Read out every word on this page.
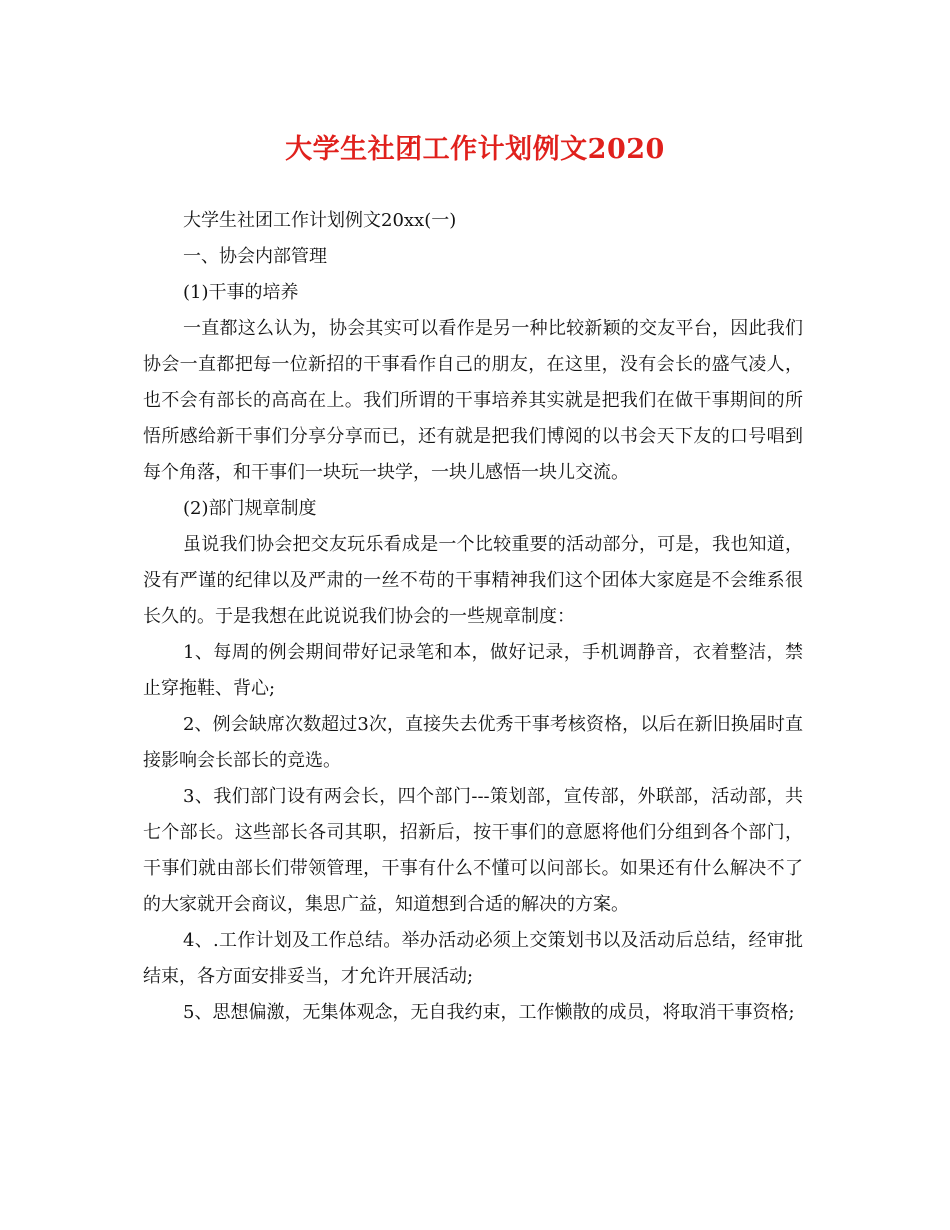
大学生社团工作计划例文2020

大学生社团工作计划例文20xx(一)

一、协会内部管理

(1)干事的培养

一直都这么认为，协会其实可以看作是另一种比较新颖的交友平台，因此我们协会一直都把每一位新招的干事看作自己的朋友，在这里，没有会长的盛气凌人，也不会有部长的高高在上。我们所谓的干事培养其实就是把我们在做干事期间的所悟所感给新干事们分享分享而已，还有就是把我们博阅的以书会天下友的口号唱到每个角落，和干事们一块玩一块学，一块儿感悟一块儿交流。

(2)部门规章制度

虽说我们协会把交友玩乐看成是一个比较重要的活动部分，可是，我也知道，没有严谨的纪律以及严肃的一丝不苟的干事精神我们这个团体大家庭是不会维系很长久的。于是我想在此说说我们协会的一些规章制度：

1、每周的例会期间带好记录笔和本，做好记录，手机调静音，衣着整洁，禁止穿拖鞋、背心;

2、例会缺席次数超过3次，直接失去优秀干事考核资格，以后在新旧换届时直接影响会长部长的竞选。

3、我们部门设有两会长，四个部门---策划部，宣传部，外联部，活动部，共七个部长。这些部长各司其职，招新后，按干事们的意愿将他们分组到各个部门，干事们就由部长们带领管理，干事有什么不懂可以问部长。如果还有什么解决不了的大家就开会商议，集思广益，知道想到合适的解决的方案。

4、.工作计划及工作总结。举办活动必须上交策划书以及活动后总结，经审批结束，各方面安排妥当，才允许开展活动;

5、思想偏激，无集体观念，无自我约束，工作懒散的成员，将取消干事资格;
